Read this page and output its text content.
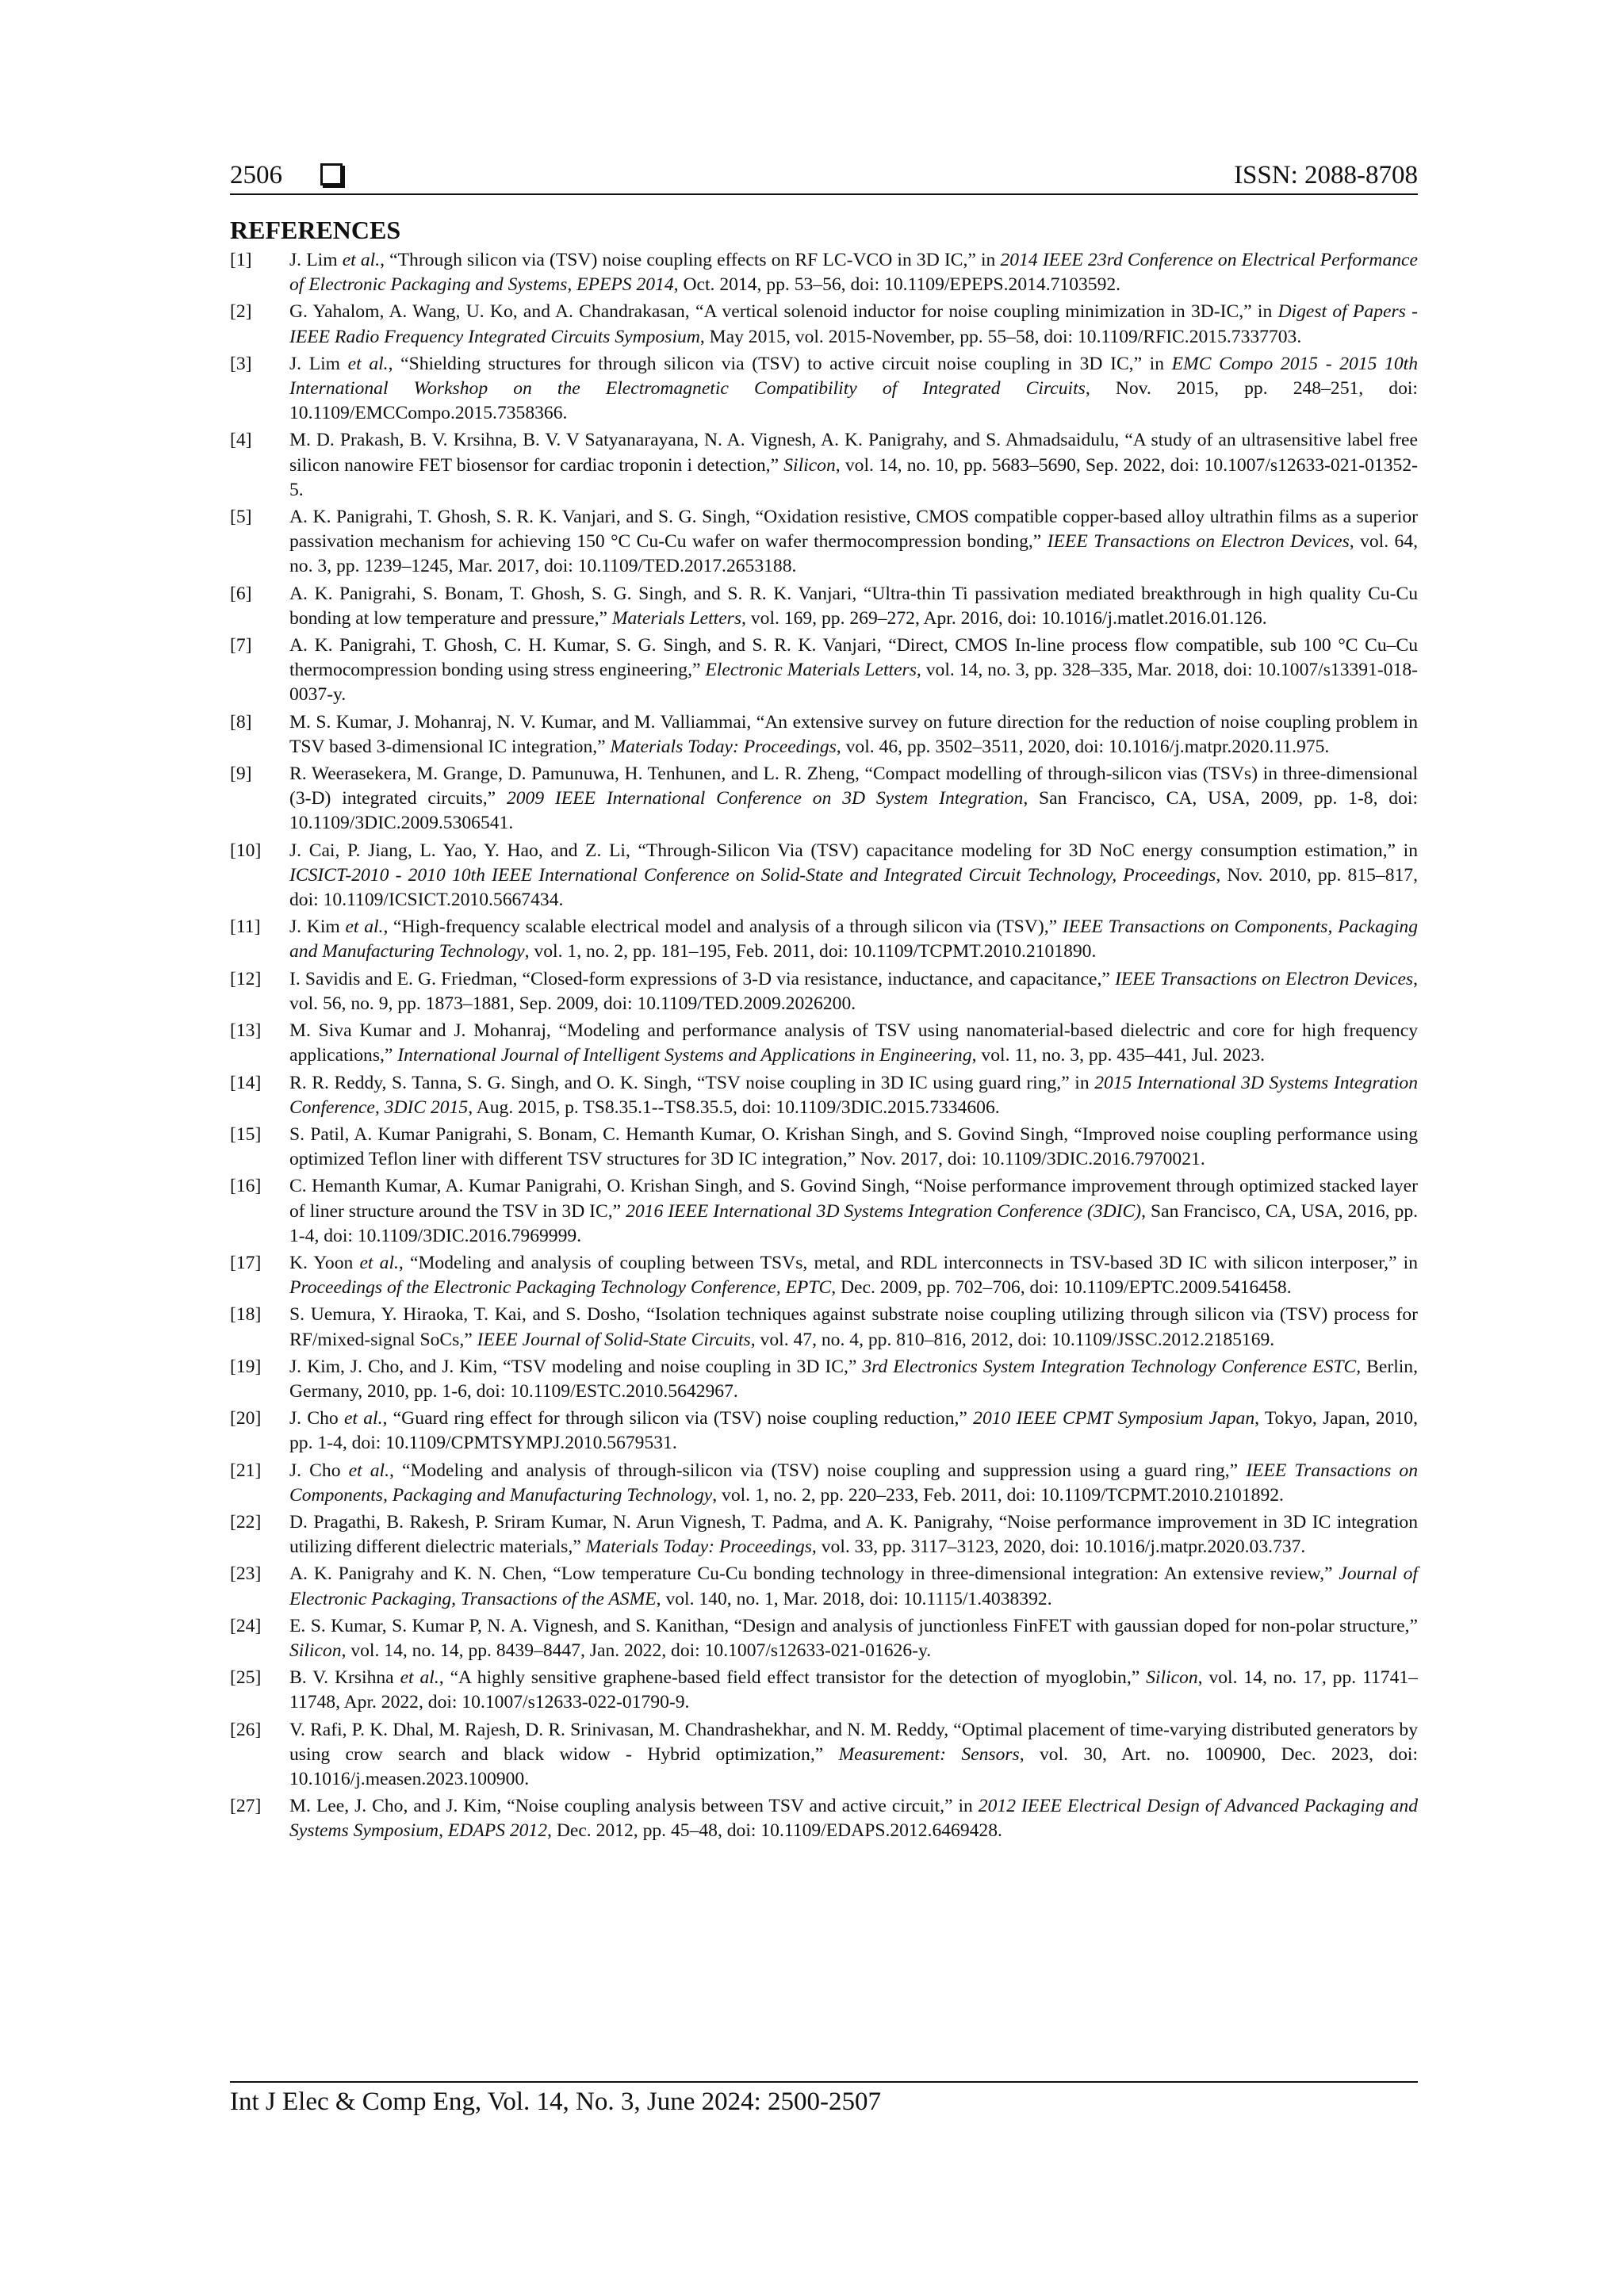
2506	ISSN: 2088-8708
REFERENCES
[1]	J. Lim et al., “Through silicon via (TSV) noise coupling effects on RF LC-VCO in 3D IC,” in 2014 IEEE 23rd Conference on Electrical Performance of Electronic Packaging and Systems, EPEPS 2014, Oct. 2014, pp. 53–56, doi: 10.1109/EPEPS.2014.7103592.
[2]	G. Yahalom, A. Wang, U. Ko, and A. Chandrakasan, “A vertical solenoid inductor for noise coupling minimization in 3D-IC,” in Digest of Papers - IEEE Radio Frequency Integrated Circuits Symposium, May 2015, vol. 2015-November, pp. 55–58, doi: 10.1109/RFIC.2015.7337703.
[3]	J. Lim et al., “Shielding structures for through silicon via (TSV) to active circuit noise coupling in 3D IC,” in EMC Compo 2015 - 2015 10th International Workshop on the Electromagnetic Compatibility of Integrated Circuits, Nov. 2015, pp. 248–251, doi: 10.1109/EMCCompo.2015.7358366.
[4]	M. D. Prakash, B. V. Krsihna, B. V. V Satyanarayana, N. A. Vignesh, A. K. Panigrahy, and S. Ahmadsaidulu, “A study of an ultrasensitive label free silicon nanowire FET biosensor for cardiac troponin i detection,” Silicon, vol. 14, no. 10, pp. 5683–5690, Sep. 2022, doi: 10.1007/s12633-021-01352-5.
[5]	A. K. Panigrahi, T. Ghosh, S. R. K. Vanjari, and S. G. Singh, “Oxidation resistive, CMOS compatible copper-based alloy ultrathin films as a superior passivation mechanism for achieving 150 °C Cu-Cu wafer on wafer thermocompression bonding,” IEEE Transactions on Electron Devices, vol. 64, no. 3, pp. 1239–1245, Mar. 2017, doi: 10.1109/TED.2017.2653188.
[6]	A. K. Panigrahi, S. Bonam, T. Ghosh, S. G. Singh, and S. R. K. Vanjari, “Ultra-thin Ti passivation mediated breakthrough in high quality Cu-Cu bonding at low temperature and pressure,” Materials Letters, vol. 169, pp. 269–272, Apr. 2016, doi: 10.1016/j.matlet.2016.01.126.
[7]	A. K. Panigrahi, T. Ghosh, C. H. Kumar, S. G. Singh, and S. R. K. Vanjari, “Direct, CMOS In-line process flow compatible, sub 100 °C Cu–Cu thermocompression bonding using stress engineering,” Electronic Materials Letters, vol. 14, no. 3, pp. 328–335, Mar. 2018, doi: 10.1007/s13391-018-0037-y.
[8]	M. S. Kumar, J. Mohanraj, N. V. Kumar, and M. Valliammai, “An extensive survey on future direction for the reduction of noise coupling problem in TSV based 3-dimensional IC integration,” Materials Today: Proceedings, vol. 46, pp. 3502–3511, 2020, doi: 10.1016/j.matpr.2020.11.975.
[9]	R. Weerasekera, M. Grange, D. Pamunuwa, H. Tenhunen, and L. R. Zheng, “Compact modelling of through-silicon vias (TSVs) in three-dimensional (3-D) integrated circuits,” 2009 IEEE International Conference on 3D System Integration, San Francisco, CA, USA, 2009, pp. 1-8, doi: 10.1109/3DIC.2009.5306541.
[10]	J. Cai, P. Jiang, L. Yao, Y. Hao, and Z. Li, “Through-Silicon Via (TSV) capacitance modeling for 3D NoC energy consumption estimation,” in ICSICT-2010 - 2010 10th IEEE International Conference on Solid-State and Integrated Circuit Technology, Proceedings, Nov. 2010, pp. 815–817, doi: 10.1109/ICSICT.2010.5667434.
[11]	J. Kim et al., “High-frequency scalable electrical model and analysis of a through silicon via (TSV),” IEEE Transactions on Components, Packaging and Manufacturing Technology, vol. 1, no. 2, pp. 181–195, Feb. 2011, doi: 10.1109/TCPMT.2010.2101890.
[12]	I. Savidis and E. G. Friedman, “Closed-form expressions of 3-D via resistance, inductance, and capacitance,” IEEE Transactions on Electron Devices, vol. 56, no. 9, pp. 1873–1881, Sep. 2009, doi: 10.1109/TED.2009.2026200.
[13]	M. Siva Kumar and J. Mohanraj, “Modeling and performance analysis of TSV using nanomaterial-based dielectric and core for high frequency applications,” International Journal of Intelligent Systems and Applications in Engineering, vol. 11, no. 3, pp. 435–441, Jul. 2023.
[14]	R. R. Reddy, S. Tanna, S. G. Singh, and O. K. Singh, “TSV noise coupling in 3D IC using guard ring,” in 2015 International 3D Systems Integration Conference, 3DIC 2015, Aug. 2015, p. TS8.35.1--TS8.35.5, doi: 10.1109/3DIC.2015.7334606.
[15]	S. Patil, A. Kumar Panigrahi, S. Bonam, C. Hemanth Kumar, O. Krishan Singh, and S. Govind Singh, “Improved noise coupling performance using optimized Teflon liner with different TSV structures for 3D IC integration,” Nov. 2017, doi: 10.1109/3DIC.2016.7970021.
[16]	C. Hemanth Kumar, A. Kumar Panigrahi, O. Krishan Singh, and S. Govind Singh, “Noise performance improvement through optimized stacked layer of liner structure around the TSV in 3D IC,” 2016 IEEE International 3D Systems Integration Conference (3DIC), San Francisco, CA, USA, 2016, pp. 1-4, doi: 10.1109/3DIC.2016.7969999.
[17]	K. Yoon et al., “Modeling and analysis of coupling between TSVs, metal, and RDL interconnects in TSV-based 3D IC with silicon interposer,” in Proceedings of the Electronic Packaging Technology Conference, EPTC, Dec. 2009, pp. 702–706, doi: 10.1109/EPTC.2009.5416458.
[18]	S. Uemura, Y. Hiraoka, T. Kai, and S. Dosho, “Isolation techniques against substrate noise coupling utilizing through silicon via (TSV) process for RF/mixed-signal SoCs,” IEEE Journal of Solid-State Circuits, vol. 47, no. 4, pp. 810–816, 2012, doi: 10.1109/JSSC.2012.2185169.
[19]	J. Kim, J. Cho, and J. Kim, “TSV modeling and noise coupling in 3D IC,” 3rd Electronics System Integration Technology Conference ESTC, Berlin, Germany, 2010, pp. 1-6, doi: 10.1109/ESTC.2010.5642967.
[20]	J. Cho et al., “Guard ring effect for through silicon via (TSV) noise coupling reduction,” 2010 IEEE CPMT Symposium Japan, Tokyo, Japan, 2010, pp. 1-4, doi: 10.1109/CPMTSYMPJ.2010.5679531.
[21]	J. Cho et al., “Modeling and analysis of through-silicon via (TSV) noise coupling and suppression using a guard ring,” IEEE Transactions on Components, Packaging and Manufacturing Technology, vol. 1, no. 2, pp. 220–233, Feb. 2011, doi: 10.1109/TCPMT.2010.2101892.
[22]	D. Pragathi, B. Rakesh, P. Sriram Kumar, N. Arun Vignesh, T. Padma, and A. K. Panigrahy, “Noise performance improvement in 3D IC integration utilizing different dielectric materials,” Materials Today: Proceedings, vol. 33, pp. 3117–3123, 2020, doi: 10.1016/j.matpr.2020.03.737.
[23]	A. K. Panigrahy and K. N. Chen, “Low temperature Cu-Cu bonding technology in three-dimensional integration: An extensive review,” Journal of Electronic Packaging, Transactions of the ASME, vol. 140, no. 1, Mar. 2018, doi: 10.1115/1.4038392.
[24]	E. S. Kumar, S. Kumar P, N. A. Vignesh, and S. Kanithan, “Design and analysis of junctionless FinFET with gaussian doped for non-polar structure,” Silicon, vol. 14, no. 14, pp. 8439–8447, Jan. 2022, doi: 10.1007/s12633-021-01626-y.
[25]	B. V. Krsihna et al., “A highly sensitive graphene-based field effect transistor for the detection of myoglobin,” Silicon, vol. 14, no. 17, pp. 11741–11748, Apr. 2022, doi: 10.1007/s12633-022-01790-9.
[26]	V. Rafi, P. K. Dhal, M. Rajesh, D. R. Srinivasan, M. Chandrashekhar, and N. M. Reddy, “Optimal placement of time-varying distributed generators by using crow search and black widow - Hybrid optimization,” Measurement: Sensors, vol. 30, Art. no. 100900, Dec. 2023, doi: 10.1016/j.measen.2023.100900.
[27]	M. Lee, J. Cho, and J. Kim, “Noise coupling analysis between TSV and active circuit,” in 2012 IEEE Electrical Design of Advanced Packaging and Systems Symposium, EDAPS 2012, Dec. 2012, pp. 45–48, doi: 10.1109/EDAPS.2012.6469428.
Int J Elec & Comp Eng, Vol. 14, No. 3, June 2024: 2500-2507
